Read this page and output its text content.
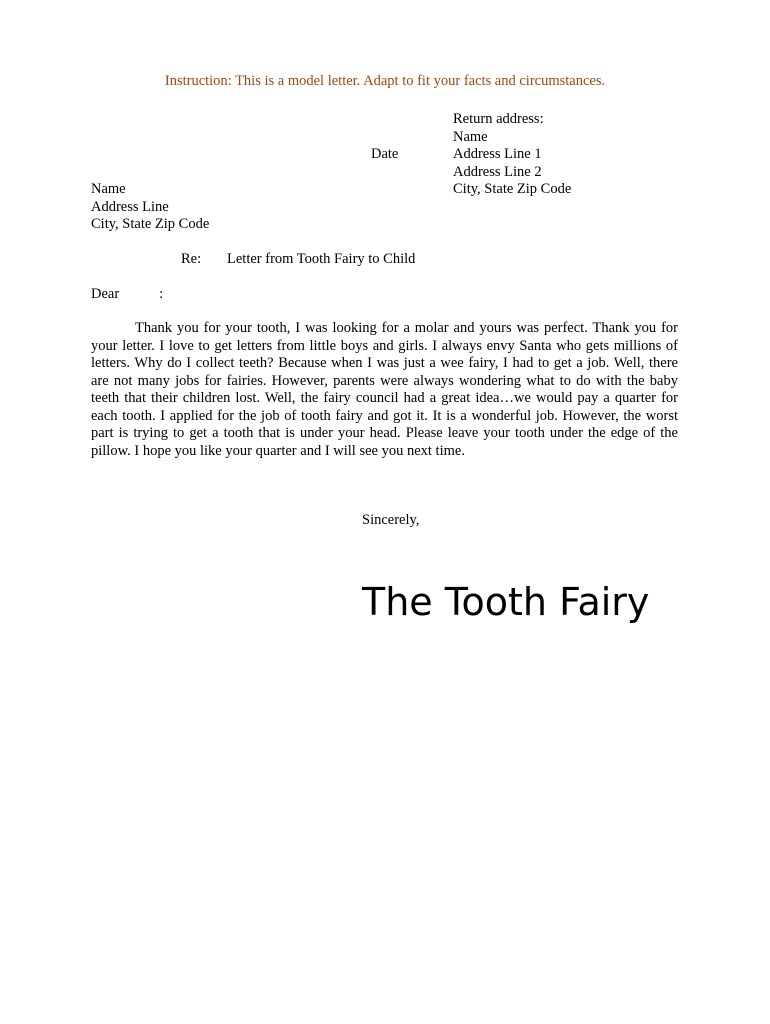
Instruction: This is a model letter. Adapt to fit your facts and circumstances.
Return address:
Name
Address Line 1
Address Line 2
City, State Zip Code
Date
Name
Address Line
City, State Zip Code
Re: Letter from Tooth Fairy to Child
Dear	:

Thank you for your tooth, I was looking for a molar and yours was perfect. Thank you for your letter. I love to get letters from little boys and girls. I always envy Santa who gets millions of letters. Why do I collect teeth? Because when I was just a wee fairy, I had to get a job. Well, there are not many jobs for fairies. However, parents were always wondering what to do with the baby teeth that their children lost. Well, the fairy council had a great idea…we would pay a quarter for each tooth. I applied for the job of tooth fairy and got it. It is a wonderful job. However, the worst part is trying to get a tooth that is under your head. Please leave your tooth under the edge of the pillow. I hope you like your quarter and I will see you next time.

Sincerely,
The Tooth Fairy
